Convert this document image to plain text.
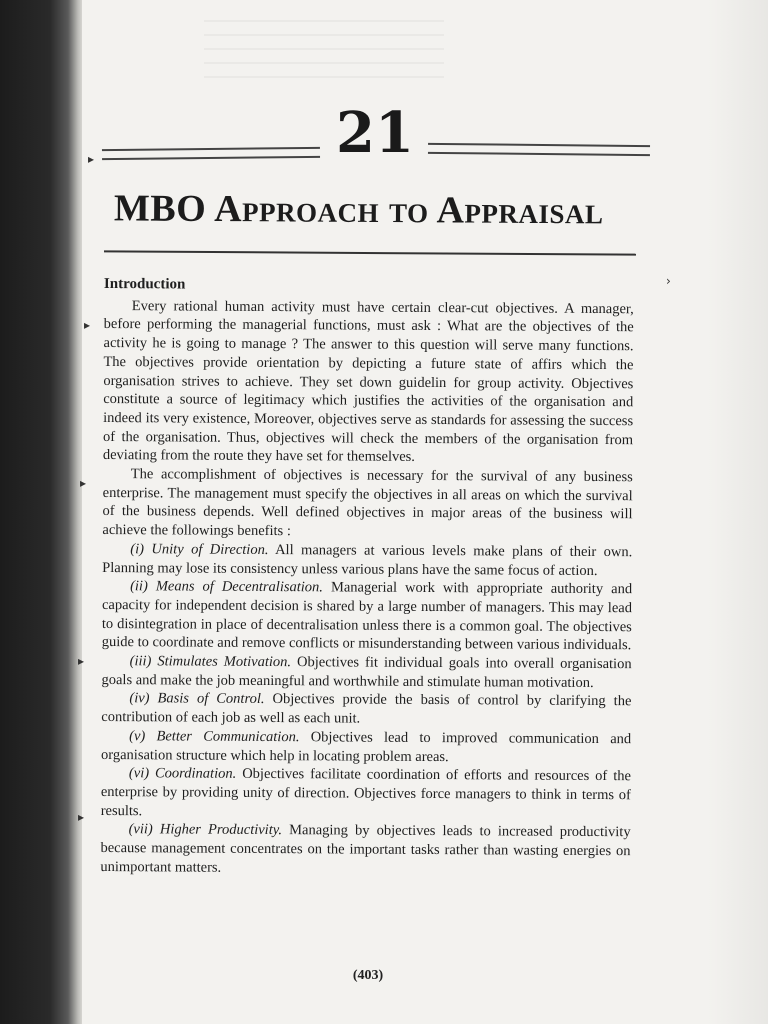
21
MBO Approach to Appraisal

Introduction

Every rational human activity must have certain clear-cut objectives. A manager, before performing the managerial functions, must ask : What are the objectives of the activity he is going to manage ? The answer to this question will serve many functions. The objectives provide orientation by depicting a future state of affirs which the organisation strives to achieve. They set down guidelin for group activity. Objectives constitute a source of legitimacy which justifies the activities of the organisation and indeed its very existence, Moreover, objectives serve as standards for assessing the success of the organisation. Thus, objectives will check the members of the organisation from deviating from the route they have set for themselves.

The accomplishment of objectives is necessary for the survival of any business enterprise. The management must specify the objectives in all areas on which the survival of the business depends. Well defined objectives in major areas of the business will achieve the followings benefits :

(i) Unity of Direction. All managers at various levels make plans of their own. Planning may lose its consistency unless various plans have the same focus of action.

(ii) Means of Decentralisation. Managerial work with appropriate authority and capacity for independent decision is shared by a large number of managers. This may lead to disintegration in place of decentralisation unless there is a common goal. The objectives guide to coordinate and remove conflicts or misunderstanding between various individuals.

(iii) Stimulates Motivation. Objectives fit individual goals into overall organisation goals and make the job meaningful and worthwhile and stimulate human motivation.

(iv) Basis of Control. Objectives provide the basis of control by clarifying the contribution of each job as well as each unit.

(v) Better Communication. Objectives lead to improved communication and organisation structure which help in locating problem areas.

(vi) Coordination. Objectives facilitate coordination of efforts and resources of the enterprise by providing unity of direction. Objectives force managers to think in terms of results.

(vii) Higher Productivity. Managing by objectives leads to increased productivity because management concentrates on the important tasks rather than wasting energies on unimportant matters.

(403)
▸
▸
▸
▸
▸
›
